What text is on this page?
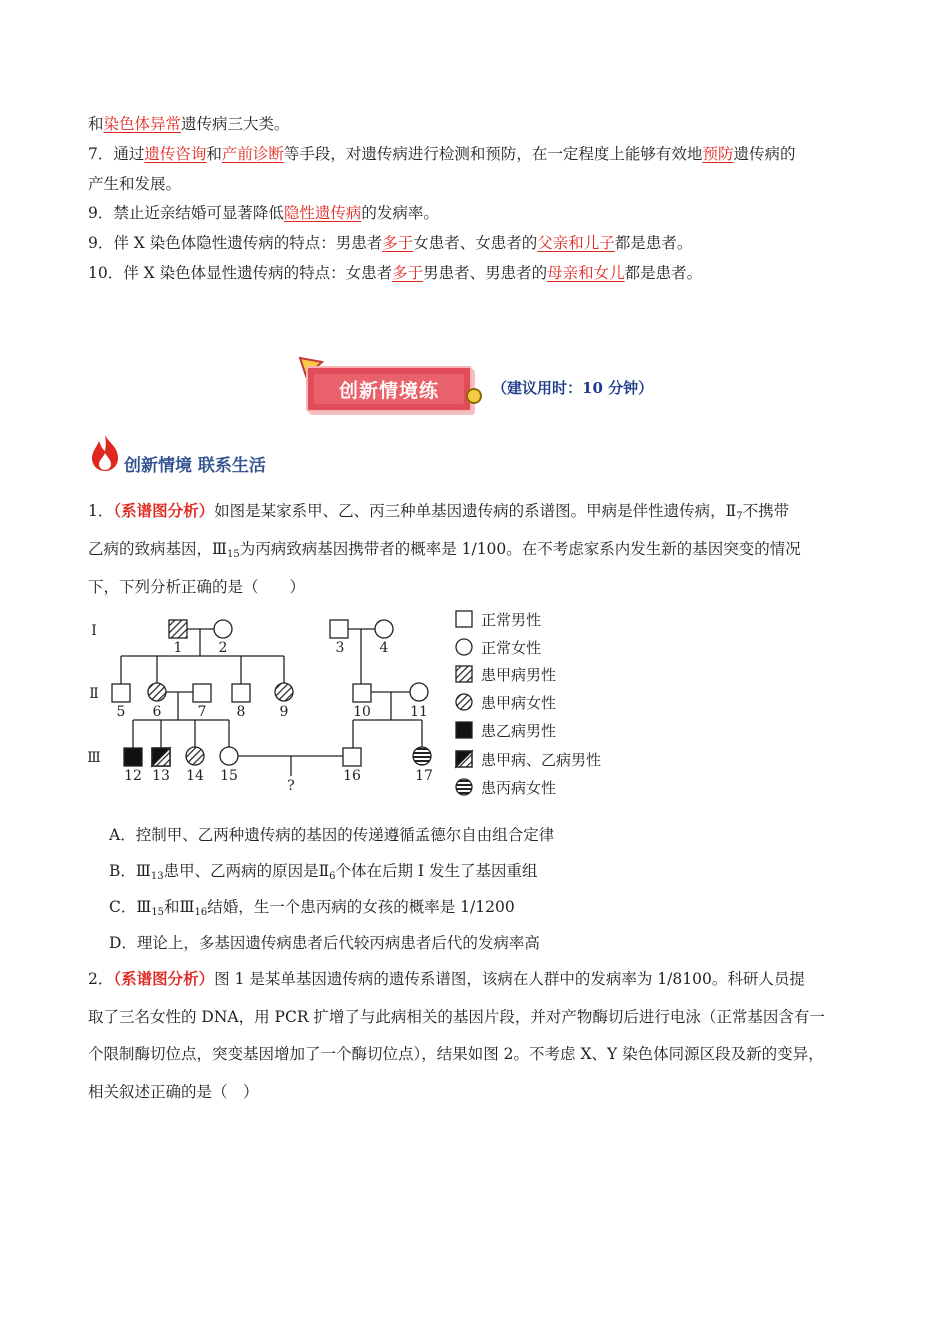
和染色体异常遗传病三大类。
7．通过遗传咨询和产前诊断等手段，对遗传病进行检测和预防，在一定程度上能够有效地预防遗传病的
产生和发展。
9．禁止近亲结婚可显著降低隐性遗传病的发病率。
9．伴 X 染色体隐性遗传病的特点：男患者多于女患者、女患者的父亲和儿子都是患者。
10．伴 X 染色体显性遗传病的特点：女患者多于男患者、男患者的母亲和女儿都是患者。
创新情境练	（建议用时：10 分钟）
创新情境 联系生活
1．（系谱图分析）如图是某家系甲、乙、丙三种单基因遗传病的系谱图。甲病是伴性遗传病，$Ⅱ_7$不携带
乙病的致病基因，$Ⅲ_{15}$为丙病致病基因携带者的概率是 1/100。在不考虑家系内发生新的基因突变的情况
下，下列分析正确的是（　　）
I
Ⅱ
Ⅲ
1	2	3	4
5 6	7 8 9	10	11
12 13 14 15	16	17
?
正常男性
正常女性
患甲病男性
患甲病女性
患乙病男性
患甲病、乙病男性
患丙病女性
A．控制甲、乙两种遗传病的基因的传递遵循孟德尔自由组合定律
B．$Ⅲ_{13}$患甲、乙两病的原因是$Ⅱ_6$个体在后期 I 发生了基因重组
C．$Ⅲ_{15}$和$Ⅲ_{16}$结婚，生一个患丙病的女孩的概率是 1/1200
D．理论上，多基因遗传病患者后代较丙病患者后代的发病率高
2．（系谱图分析）图 1 是某单基因遗传病的遗传系谱图，该病在人群中的发病率为 1/8100。科研人员提
取了三名女性的 DNA，用 PCR 扩增了与此病相关的基因片段，并对产物酶切后进行电泳（正常基因含有一
个限制酶切位点，突变基因增加了一个酶切位点），结果如图 2。不考虑 X、Y 染色体同源区段及新的变异，
相关叙述正确的是（　）
